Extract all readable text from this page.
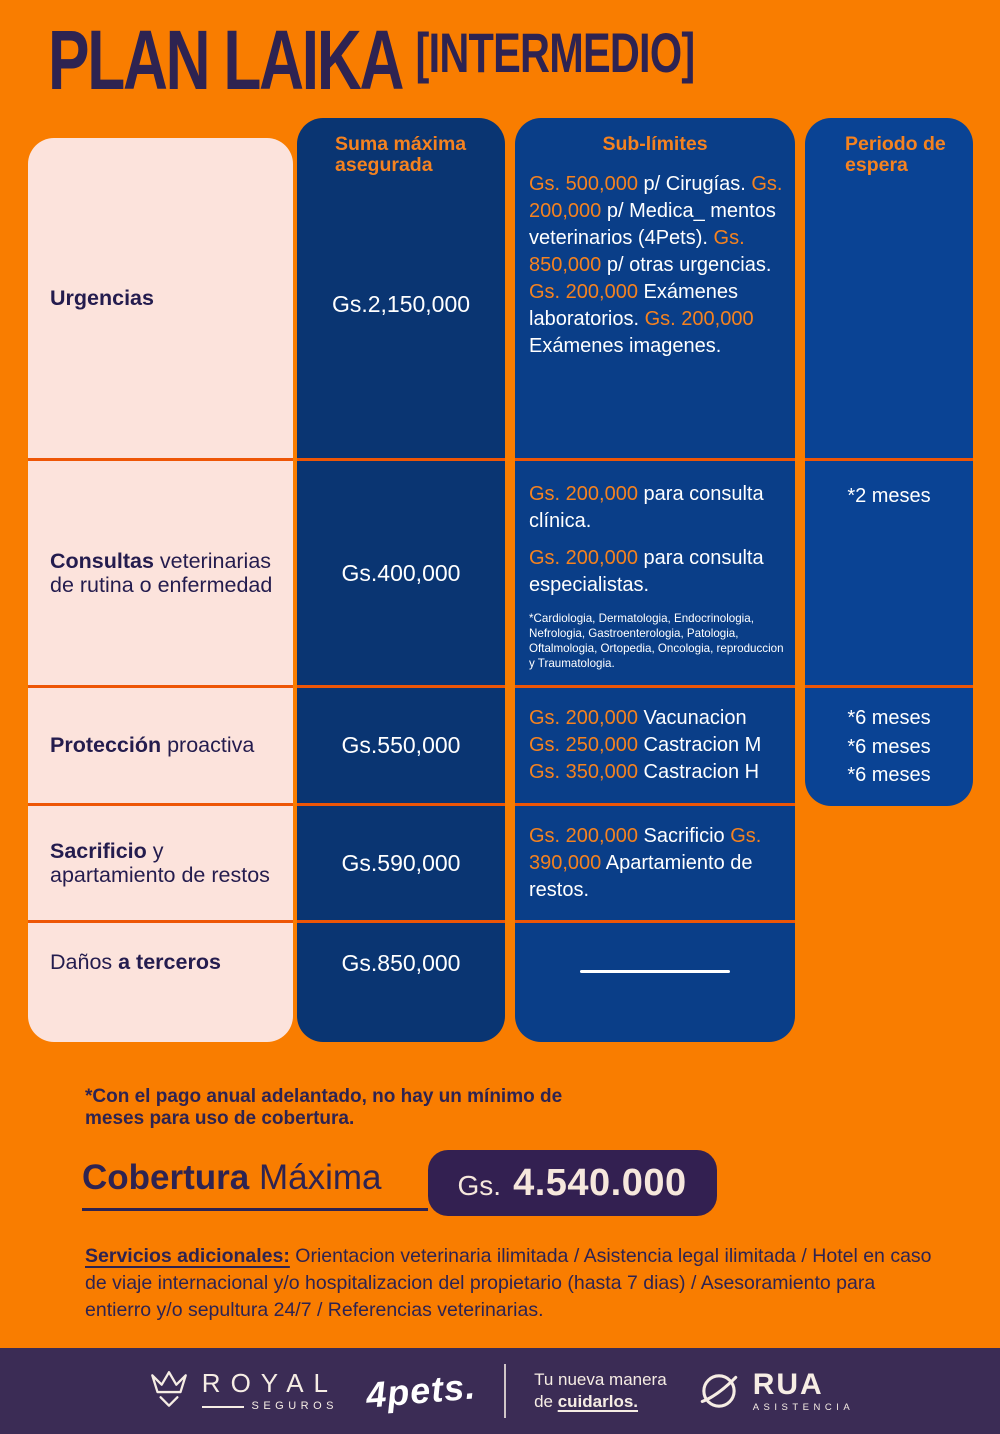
PLAN LAIKA [INTERMEDIO]
Urgencias
Consultas veterinarias de rutina o enfermedad
Protección proactiva
Sacrificio y apartamiento de restos
Daños a terceros
Suma máxima asegurada
Gs.2,150,000
Gs.400,000
Gs.550,000
Gs.590,000
Gs.850,000
Sub-límites
Gs. 500,000 p/ Cirugías. Gs. 200,000 p/ Medica_ mentos veterinarios (4Pets). Gs. 850,000 p/ otras urgencias. Gs. 200,000 Exámenes laboratorios. Gs. 200,000 Exámenes imagenes.
Gs. 200,000 para consulta clínica.
Gs. 200,000 para consulta especialistas.
*Cardiologia, Dermatologia, Endocrinologia, Nefrologia, Gastroenterologia, Patologia, Oftalmologia, Ortopedia, Oncologia, reproduccion y Traumatologia.
Gs. 200,000 Vacunacion
Gs. 250,000 Castracion M
Gs. 350,000 Castracion H
Gs. 200,000 Sacrificio Gs. 390,000 Apartamiento de restos.
Periodo de espera
*2 meses
*6 meses
*6 meses
*6 meses
*Con el pago anual adelantado, no hay un mínimo de meses para uso de cobertura.
Cobertura Máxima	Gs. 4.540.000
Servicios adicionales: Orientacion veterinaria ilimitada / Asistencia legal ilimitada / Hotel en caso de viaje internacional y/o hospitalizacion del propietario (hasta 7 dias) / Asesoramiento para entierro y/o sepultura 24/7 / Referencias veterinarias.
ROYAL
SEGUROS 4pets.	Tu nueva manera
de cuidarlos.
RUA
ASISTENCIA
